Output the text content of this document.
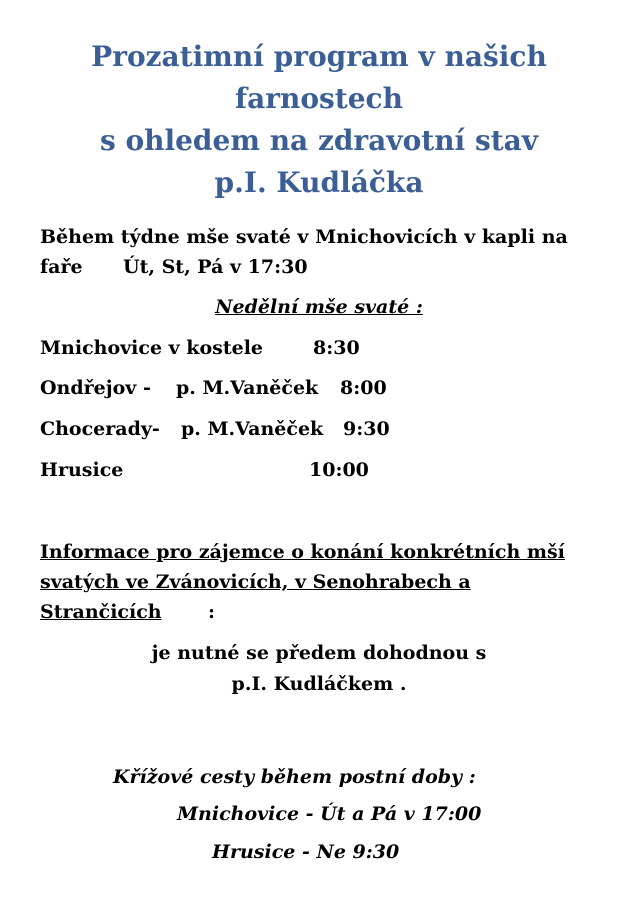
Prozatimní program v našich
farnostech
s ohledem na zdravotní stav
p.I. Kudláčka
Během týdne mše svaté v Mnichovicích v kapli na
faře Út, St, Pá v 17:30
Nedělní mše svaté :
Mnichovice v kostele	8:30
Ondřejov - p. M.Vaněček 8:00
Chocerady- p. M.Vaněček 9:30
Hrusice	10:00
Informace pro zájemce o konání konkrétních mší
svatých ve Zvánovicích, v Senohrabech a
Strančicích :
je nutné se předem dohodnou s
p.I. Kudláčkem .
Křížové cesty během postní doby :
Mnichovice - Út a Pá v 17:00
Hrusice - Ne 9:30
